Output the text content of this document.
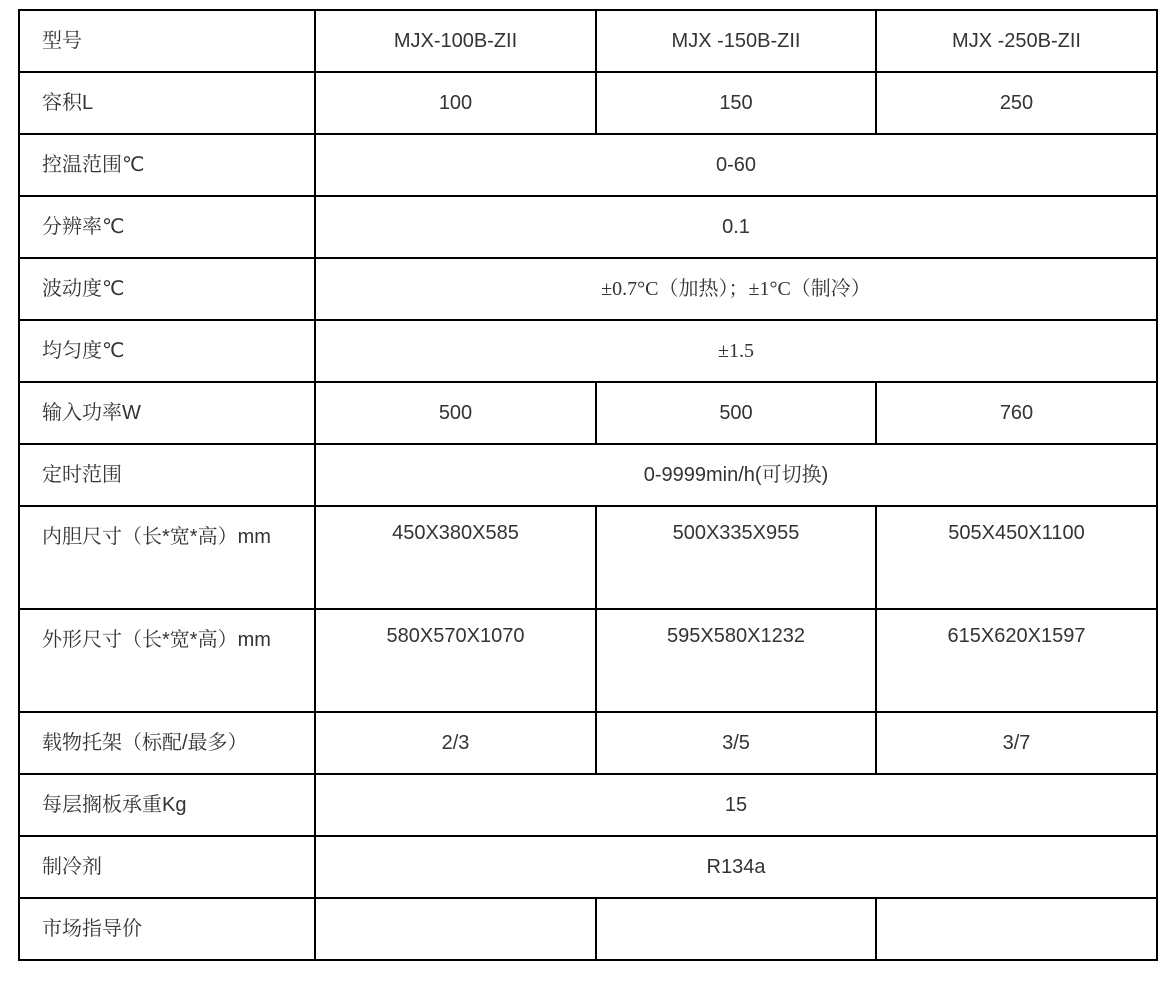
型号	MJX-100B-ZII	MJX -150B-ZII	MJX -250B-ZII
容积L	100	150	250
控温范围℃	0-60		
分辨率℃	0.1		
波动度℃	±0.7°C（加热）；±1°C（制冷）		
均匀度℃	±1.5		
输入功率W	500	500	760
定时范围	0-9999min/h(可切换)		
内胆尺寸（长*宽*高）mm	450X380X585	500X335X955	505X450X1100
外形尺寸（长*宽*高）mm	580X570X1070	595X580X1232	615X620X1597
载物托架（标配/最多）	2/3	3/5	3/7
每层搁板承重Kg	15		
制冷剂	R134a		
市场指导价			
